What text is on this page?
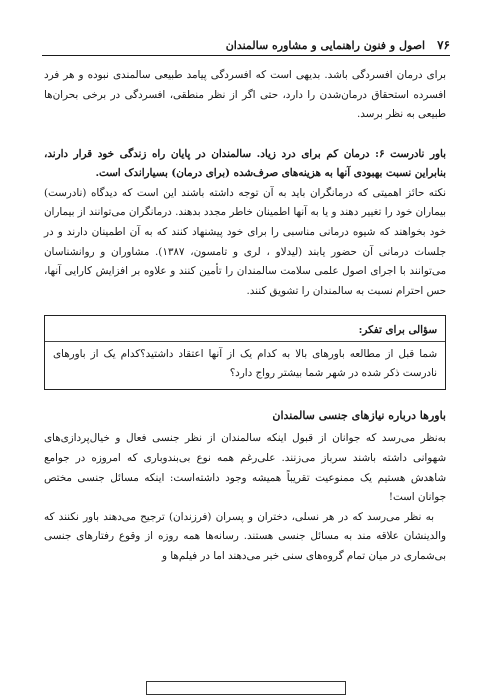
۷۶
اصول و فنون راهنمایی و مشاوره سالمندان

برای درمان افسردگی باشد. بدیهی است که افسردگی پیامد طبیعی سالمندی نبوده و هر فرد افسرده استحقاق درمان‌شدن را دارد، حتی اگر از نظر منطقی، افسردگی در برخی بحران‌ها طبیعی به نظر برسد.

باور نادرست ۶: درمان کم برای درد زیاد. سالمندان در پایان راه زندگی خود قرار دارند، بنابراین نسبت بهبودی آنها به هزینه‌های صرف‌شده (برای درمان) بسیاراندک است.

نکته حائز اهمیتی که درمانگران باید به آن توجه داشته باشند این است که دیدگاه (نادرست) بیماران خود را تغییر دهند و یا به آنها اطمینان خاطر مجدد بدهند. درمانگران می‌توانند از بیماران خود بخواهند که شیوه درمانی مناسبی را برای خود پیشنهاد کنند که به آن اطمینان دارند و در جلسات درمانی آن حضور یابند (لیدلاو ، لری و تامسون، ۱۳۸۷). مشاوران و روانشناسان می‌توانند با اجرای اصول علمی سلامت سالمندان را تأمین کنند و علاوه بر افزایش کارایی آنها، حس احترام نسبت به سالمندان را تشویق کنند.

سؤالی برای تفکر:

شما قبل از مطالعه باورهای بالا به کدام یک از آنها اعتقاد داشتید؟کدام یک از باورهای نادرست ذکر شده در شهر شما بیشتر رواج دارد؟

باورها درباره نیازهای جنسی سالمندان

به‌نظر می‌رسد که جوانان از قبول اینکه سالمندان از نظر جنسی فعال و خیال‌پردازی‌های شهوانی داشته باشند سرباز می‌زنند. علی‌رغم همه نوع بی‌بندوباری که امروزه در جوامع شاهدش هستیم یک ممنوعیت تقریباً همیشه وجود داشته‌است: اینکه مسائل جنسی مختص جوانان است!

به نظر می‌رسد که در هر نسلی، دختران و پسران (فرزندان) ترجیح می‌دهند باور نکنند که والدینشان علاقه مند به مسائل جنسی هستند. رسانه‌ها همه روزه از وقوع رفتارهای جنسی بی‌شماری در میان تمام گروه‌های سنی خبر می‌دهند اما در فیلم‌ها و
